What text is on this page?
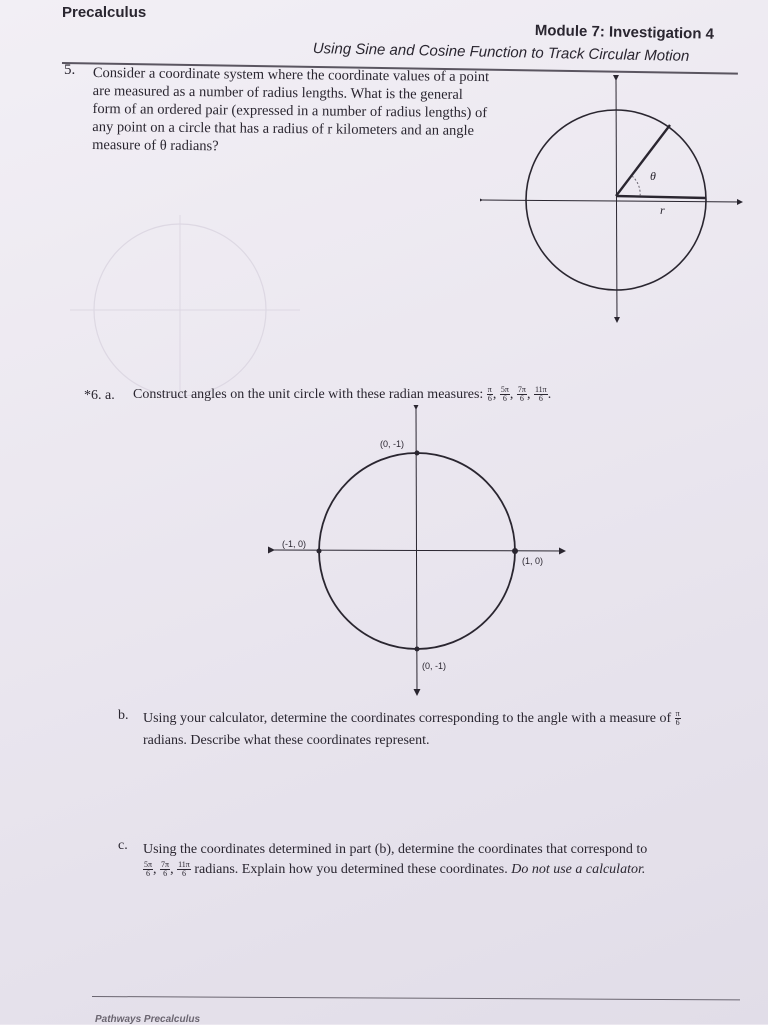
Precalculus
Module 7: Investigation 4
Using Sine and Cosine Function to Track Circular Motion
5. Consider a coordinate system where the coordinate values of a point are measured as a number of radius lengths. What is the general form of an ordered pair (expressed in a number of radius lengths) of any point on a circle that has a radius of r kilometers and an angle measure of θ radians?
θ
r
*6. a. Construct angles on the unit circle with these radian measures: $\frac{\pi}{6}$ , $\frac{5\pi}{6}$ , $\frac{7\pi}{6}$ , $\frac{11\pi}{6}$ .
(0, -1)
(-1, 0)
(1, 0)
(0, -1)
b. Using your calculator, determine the coordinates corresponding to the angle with a measure of $\frac{\pi}{6}$

radians. Describe what these coordinates represent.
c. Using the coordinates determined in part (b), determine the coordinates that correspond to

$\frac{5\pi}{6}$ , $\frac{7\pi}{6}$ , $\frac{11\pi}{6}$ radians. Explain how you determined these coordinates. Do not use a calculator.
Pathways Precalculus
